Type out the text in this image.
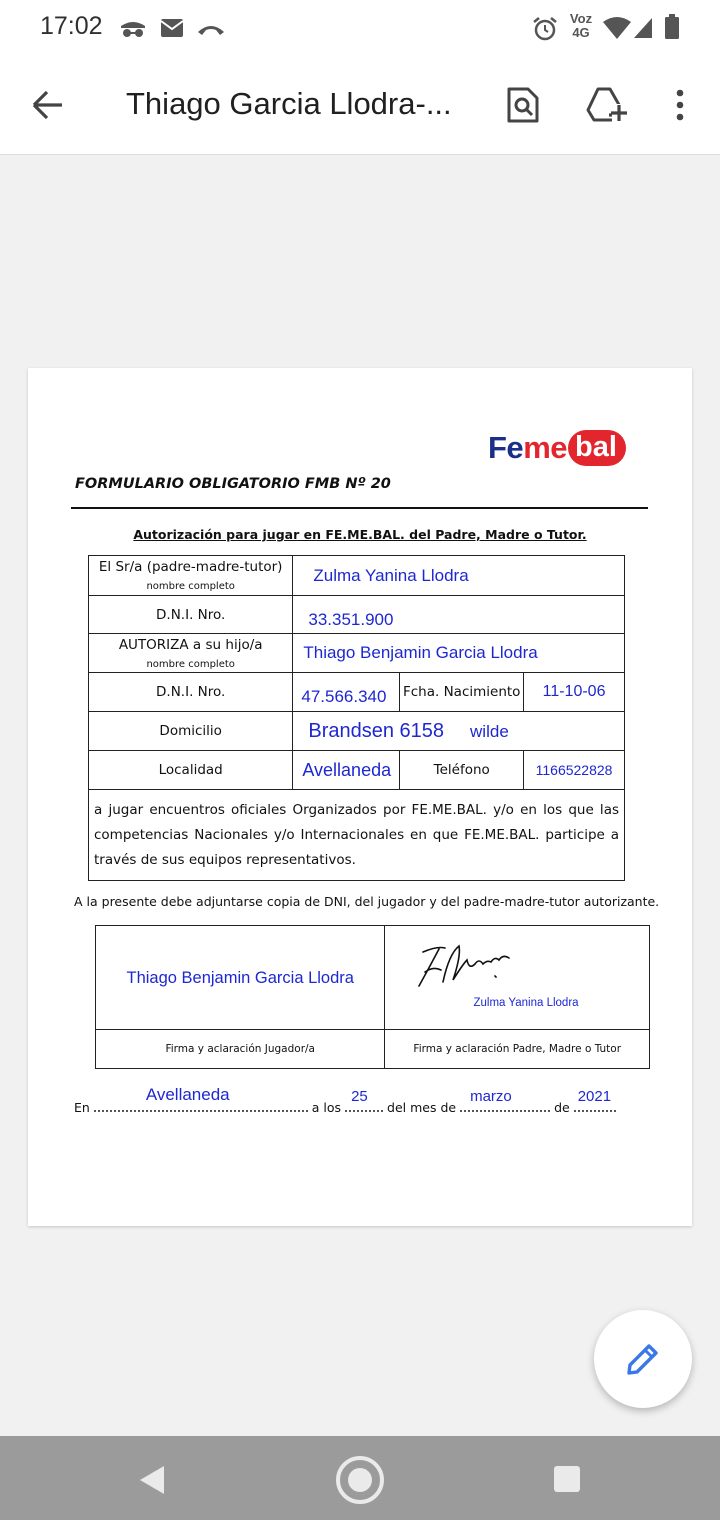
17:02	Voz 4G
Thiago Garcia Llodra-...
Feme bal
FORMULARIO OBLIGATORIO FMB Nº 20
Autorización para jugar en FE.ME.BAL. del Padre, Madre o Tutor.
El Sr/a (padre-madre-tutor)
nombre completo	Zulma Yanina Llodra		
D.N.I. Nro.	33.351.900		
AUTORIZA a su hijo/a
nombre completo	Thiago Benjamin Garcia Llodra		
D.N.I. Nro.	47.566.340	Fcha. Nacimiento	11-10-06
Domicilio	Brandsen 6158 wilde		
Localidad	Avellaneda	Teléfono	1166522828
a jugar encuentros oficiales Organizados por FE.ME.BAL. y/o en los que las competencias Nacionales y/o Internacionales en que FE.ME.BAL. participe a través de sus equipos representativos.			
A la presente debe adjuntarse copia de DNI, del jugador y del padre-madre-tutor autorizante.
Thiago Benjamin Garcia Llodra	Zulma Yanina Llodra

Firma y aclaración Jugador/a	Firma y aclaración Padre, Madre o Tutor
En
Avellaneda
a los
25
del mes de
marzo
de
2021
